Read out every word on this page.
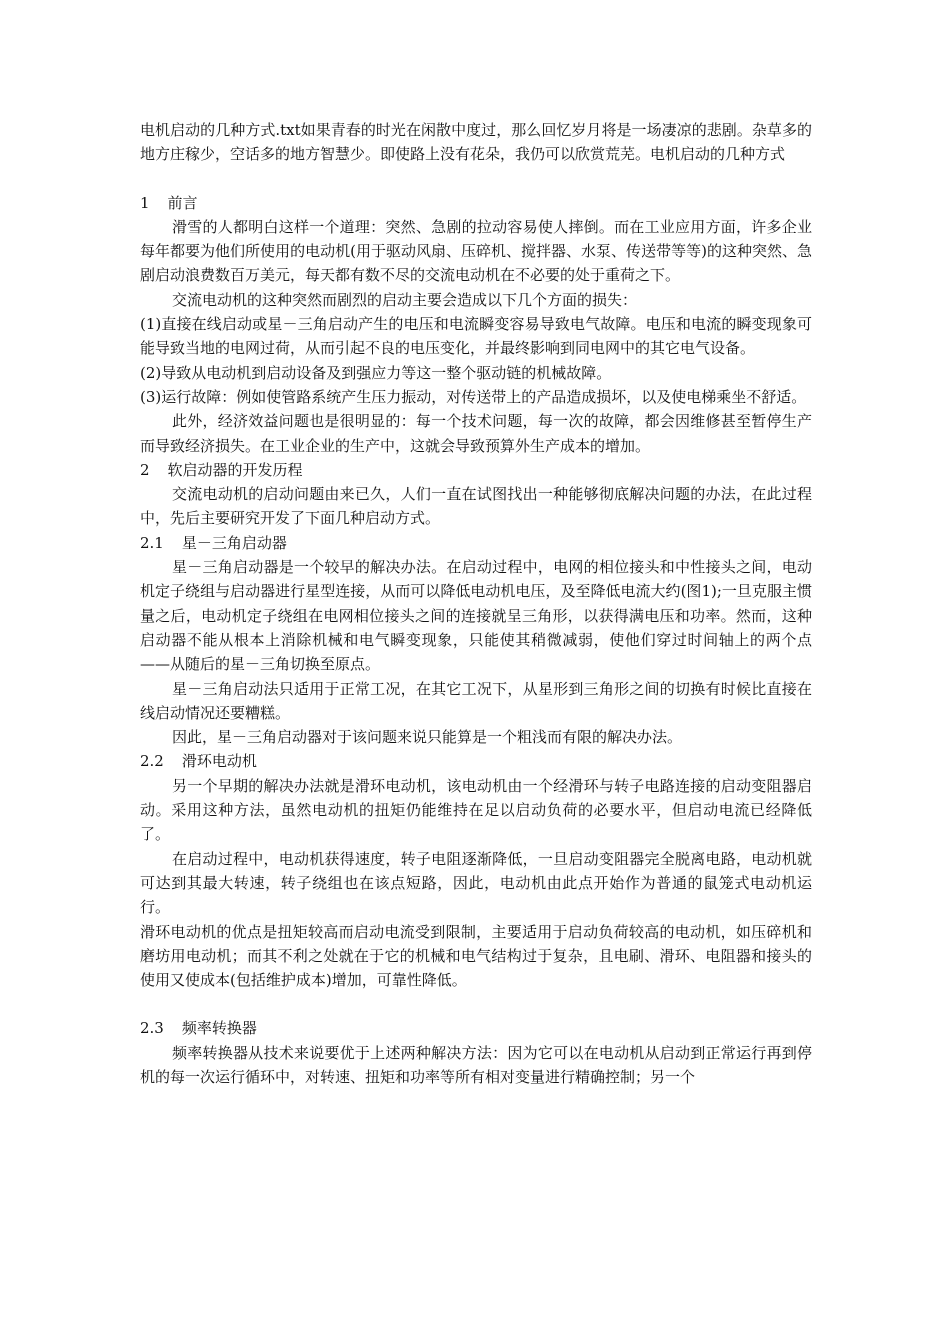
电机启动的几种方式.txt如果青春的时光在闲散中度过，那么回忆岁月将是一场凄凉的悲剧。杂草多的地方庄稼少，空话多的地方智慧少。即使路上没有花朵，我仍可以欣赏荒芜。电机启动的几种方式

1 前言

滑雪的人都明白这样一个道理：突然、急剧的拉动容易使人摔倒。而在工业应用方面，许多企业每年都要为他们所使用的电动机(用于驱动风扇、压碎机、搅拌器、水泵、传送带等等)的这种突然、急剧启动浪费数百万美元，每天都有数不尽的交流电动机在不必要的处于重荷之下。

交流电动机的这种突然而剧烈的启动主要会造成以下几个方面的损失：

(1)直接在线启动或星－三角启动产生的电压和电流瞬变容易导致电气故障。电压和电流的瞬变现象可能导致当地的电网过荷，从而引起不良的电压变化，并最终影响到同电网中的其它电气设备。

(2)导致从电动机到启动设备及到强应力等这一整个驱动链的机械故障。

(3)运行故障：例如使管路系统产生压力振动，对传送带上的产品造成损坏，以及使电梯乘坐不舒适。

此外，经济效益问题也是很明显的：每一个技术问题，每一次的故障，都会因维修甚至暂停生产而导致经济损失。在工业企业的生产中，这就会导致预算外生产成本的增加。

2 软启动器的开发历程

交流电动机的启动问题由来已久，人们一直在试图找出一种能够彻底解决问题的办法，在此过程中，先后主要研究开发了下面几种启动方式。

2.1 星－三角启动器

星－三角启动器是一个较早的解决办法。在启动过程中，电网的相位接头和中性接头之间，电动机定子绕组与启动器进行星型连接，从而可以降低电动机电压，及至降低电流大约(图1);一旦克服主惯量之后，电动机定子绕组在电网相位接头之间的连接就呈三角形，以获得满电压和功率。然而，这种启动器不能从根本上消除机械和电气瞬变现象，只能使其稍微减弱，使他们穿过时间轴上的两个点——从随后的星－三角切换至原点。

星－三角启动法只适用于正常工况，在其它工况下，从星形到三角形之间的切换有时候比直接在线启动情况还要糟糕。

因此，星－三角启动器对于该问题来说只能算是一个粗浅而有限的解决办法。

2.2 滑环电动机

另一个早期的解决办法就是滑环电动机，该电动机由一个经滑环与转子电路连接的启动变阻器启动。采用这种方法，虽然电动机的扭矩仍能维持在足以启动负荷的必要水平，但启动电流已经降低了。

在启动过程中，电动机获得速度，转子电阻逐渐降低，一旦启动变阻器完全脱离电路，电动机就可达到其最大转速，转子绕组也在该点短路，因此，电动机由此点开始作为普通的鼠笼式电动机运行。

滑环电动机的优点是扭矩较高而启动电流受到限制，主要适用于启动负荷较高的电动机，如压碎机和磨坊用电动机；而其不利之处就在于它的机械和电气结构过于复杂，且电刷、滑环、电阻器和接头的使用又使成本(包括维护成本)增加，可靠性降低。

2.3 频率转换器

频率转换器从技术来说要优于上述两种解决方法：因为它可以在电动机从启动到正常运行再到停机的每一次运行循环中，对转速、扭矩和功率等所有相对变量进行精确控制；另一个
